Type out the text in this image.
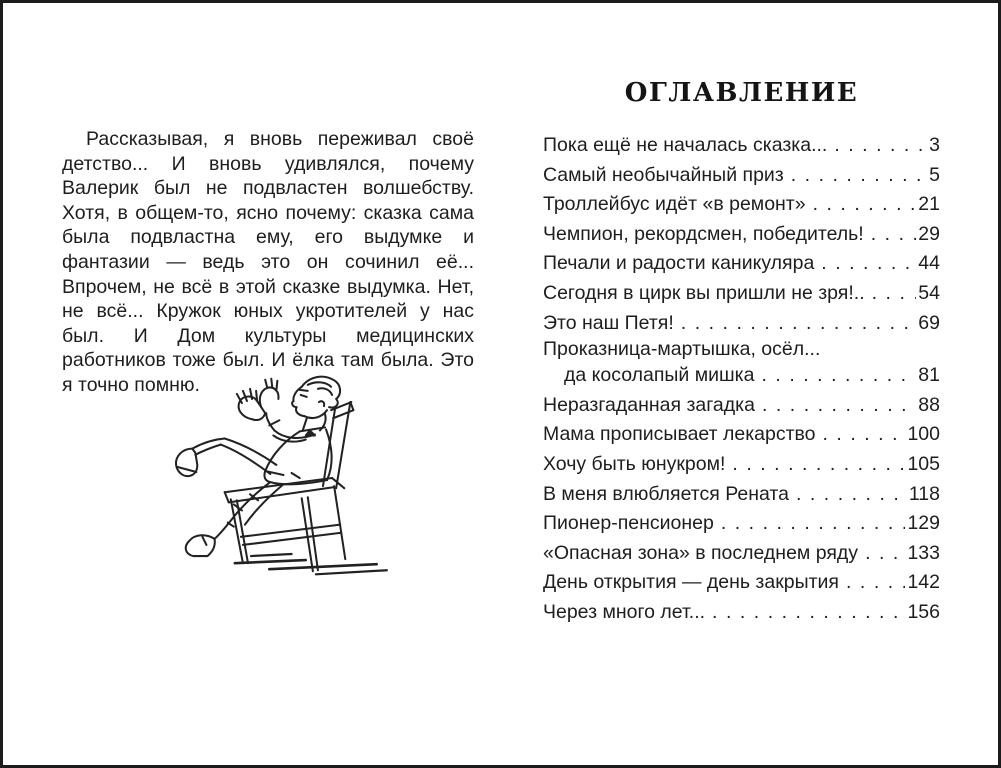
Рассказывая, я вновь переживал своё детство... И вновь удивлялся, почему Валерик был не подвластен волшебству. Хотя, в общем-то, ясно почему: сказка сама была подвластна ему, его выдумке и фантазии — ведь это он сочинил её... Впрочем, не всё в этой сказке выдумка. Нет, не всё... Кружок юных укротителей у нас был. И Дом культуры медицинских работников тоже был. И ёлка там была. Это я точно помню.

ОГЛАВЛЕНИЕ
Пока ещё не началась сказка... .....	3
Самый необычайный приз .....	5
Троллейбус идёт «в ремонт» .....	21
Чемпион, рекордсмен, победитель! .....	29
Печали и радости каникуляра .....	44
Сегодня в цирк вы пришли не зря!.. .....	54
Это наш Петя! .....	69
Проказница-мартышка, осёл...
да косолапый мишка .....	81
Неразгаданная загадка .....	88
Мама прописывает лекарство .....	100
Хочу быть юнукром! .....	105
В меня влюбляется Рената .....	118
Пионер-пенсионер .....	129
«Опасная зона» в последнем ряду .....	133
День открытия — день закрытия .....	142
Через много лет... .....	156
